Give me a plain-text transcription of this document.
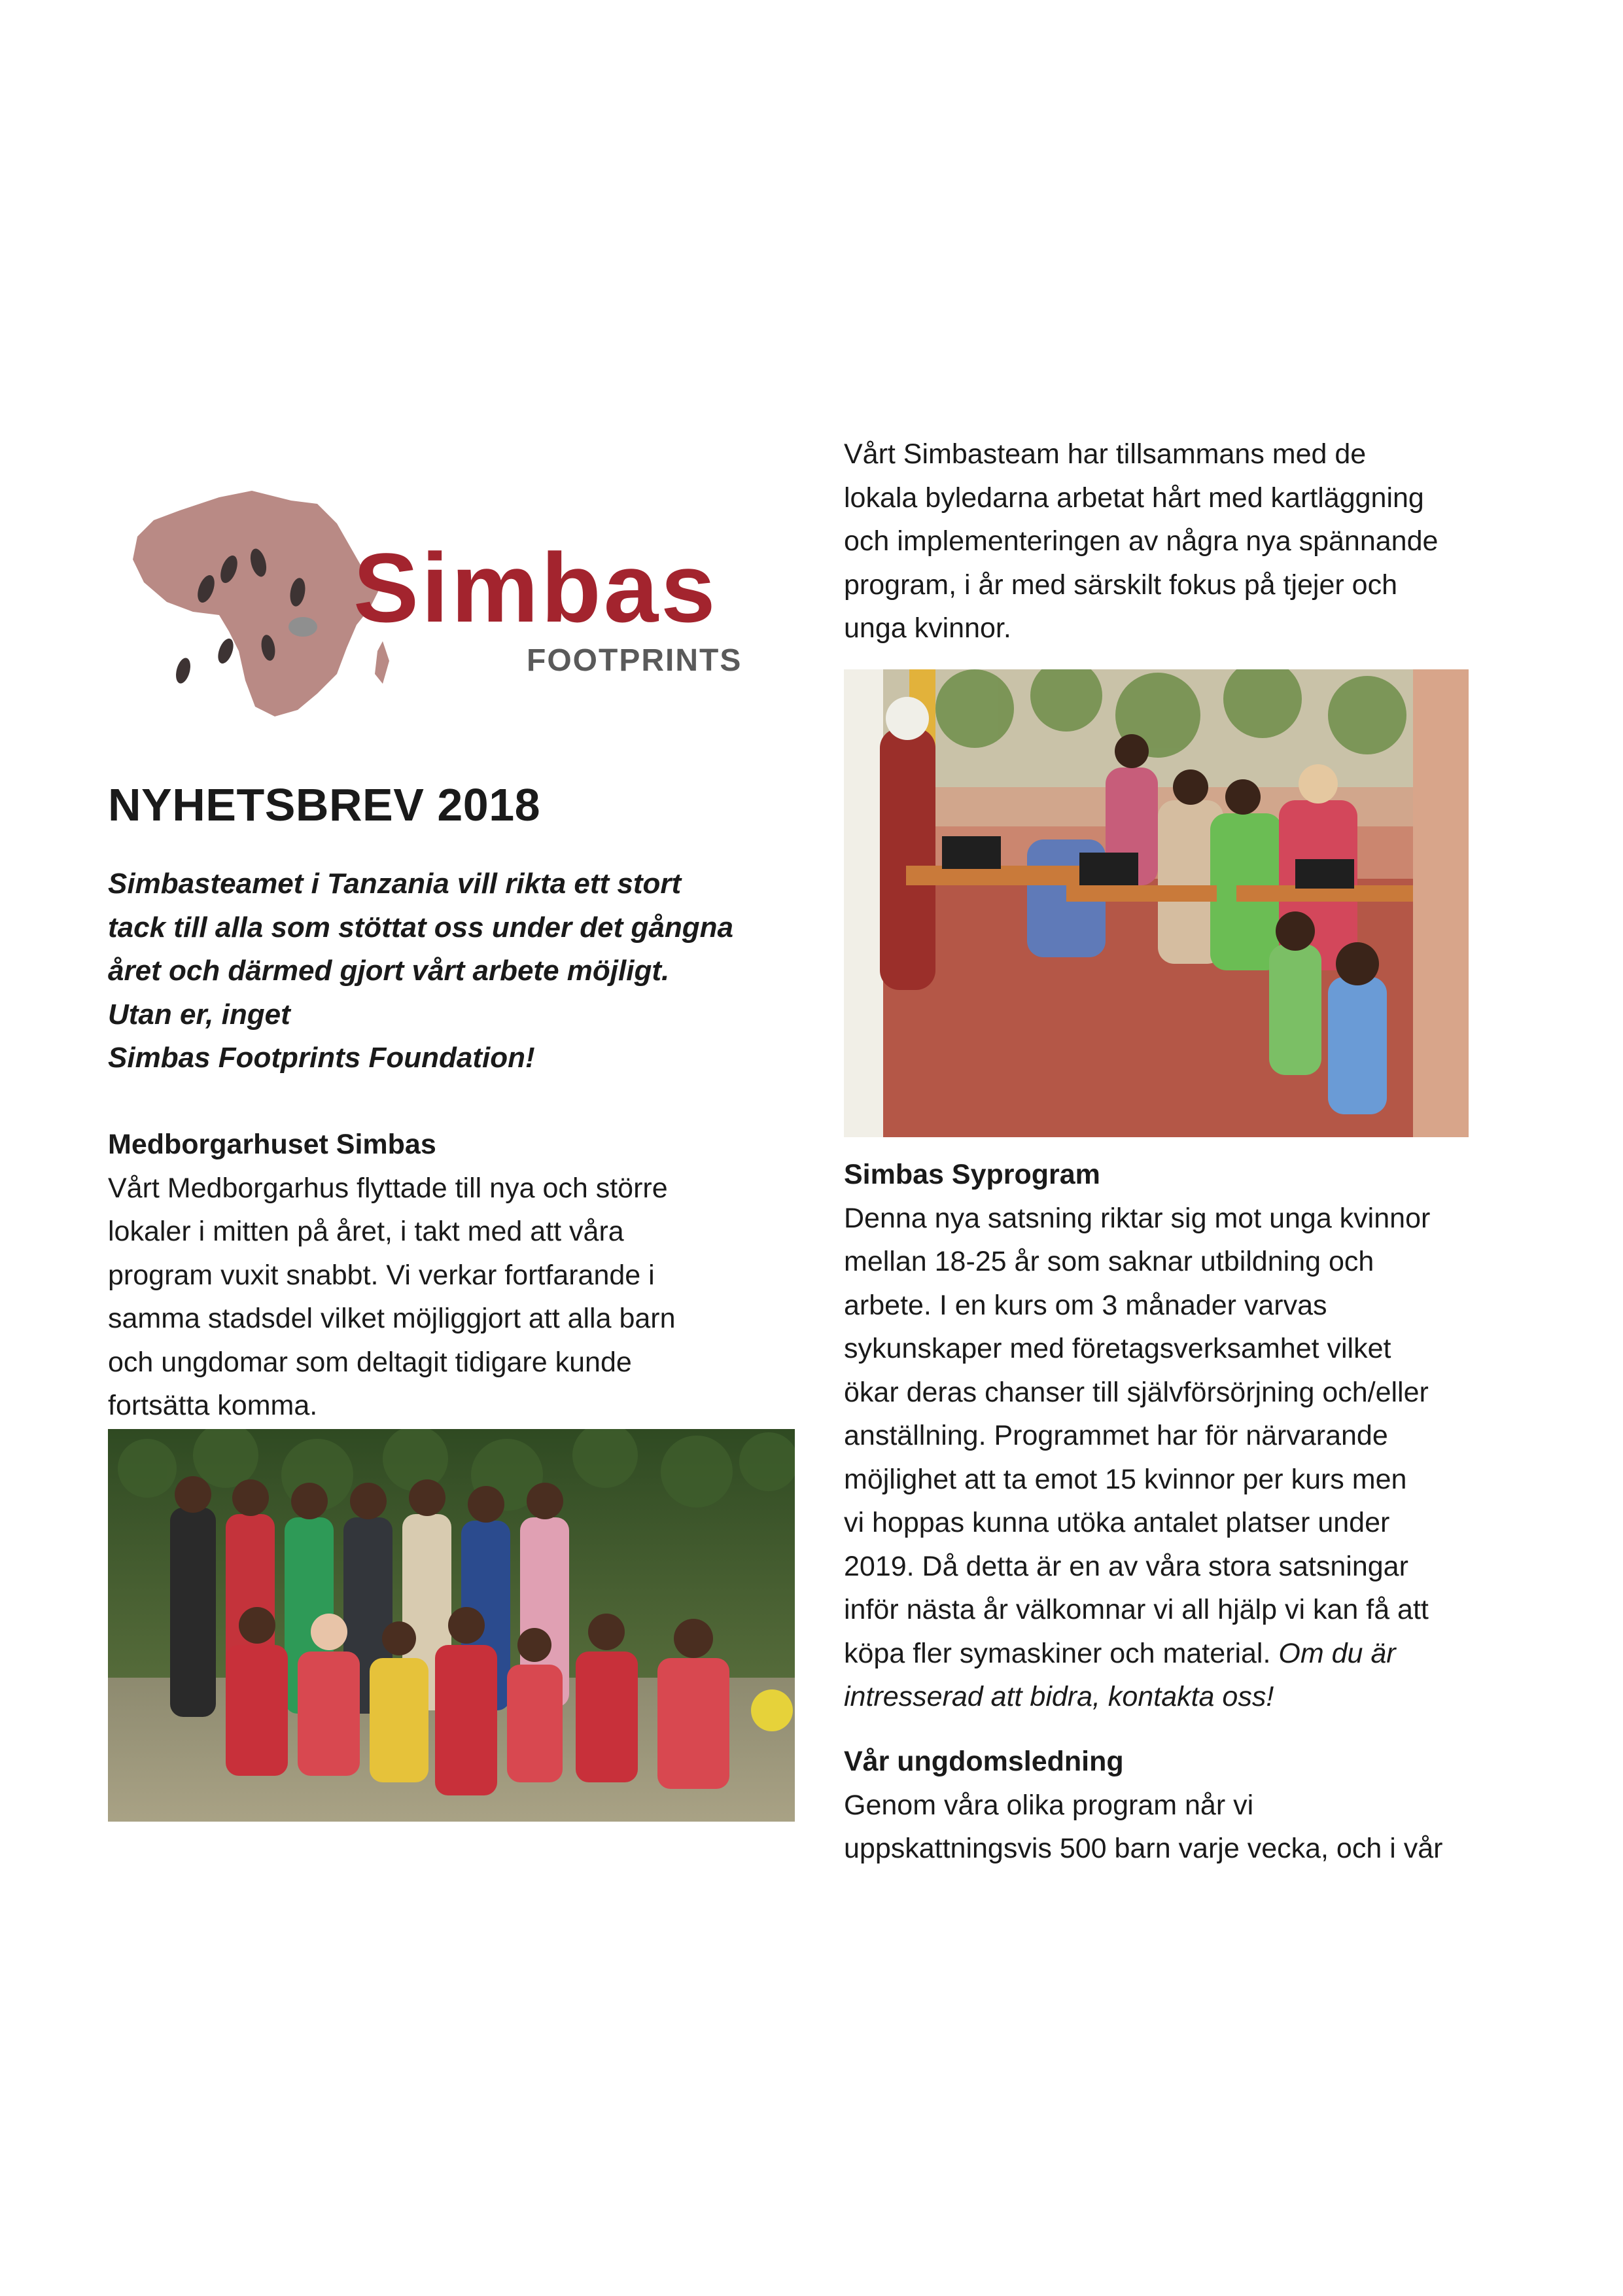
Simbas
FOOTPRINTS
NYHETSBREV 2018
Simbasteamet i Tanzania vill rikta ett stort
tack till alla som stöttat oss under det gångna
året och därmed gjort vårt arbete möjligt.
Utan er, inget
Simbas Footprints Foundation!
Medborgarhuset Simbas
Vårt Medborgarhus flyttade till nya och större
lokaler i mitten på året, i takt med att våra
program vuxit snabbt. Vi verkar fortfarande i
samma stadsdel vilket möjliggjort att alla barn
och ungdomar som deltagit tidigare kunde
fortsätta komma.
Vårt Simbasteam har tillsammans med de
lokala byledarna arbetat hårt med kartläggning
och implementeringen av några nya spännande
program, i år med särskilt fokus på tjejer och
unga kvinnor.
Simbas Syprogram
Denna nya satsning riktar sig mot unga kvinnor
mellan 18-25 år som saknar utbildning och
arbete. I en kurs om 3 månader varvas
sykunskaper med företagsverksamhet vilket
ökar deras chanser till självförsörjning och/eller
anställning. Programmet har för närvarande
möjlighet att ta emot 15 kvinnor per kurs men
vi hoppas kunna utöka antalet platser under
2019. Då detta är en av våra stora satsningar
inför nästa år välkomnar vi all hjälp vi kan få att
köpa fler symaskiner och material. Om du är
intresserad att bidra, kontakta oss!
Vår ungdomsledning
Genom våra olika program når vi
uppskattningsvis 500 barn varje vecka, och i vår
